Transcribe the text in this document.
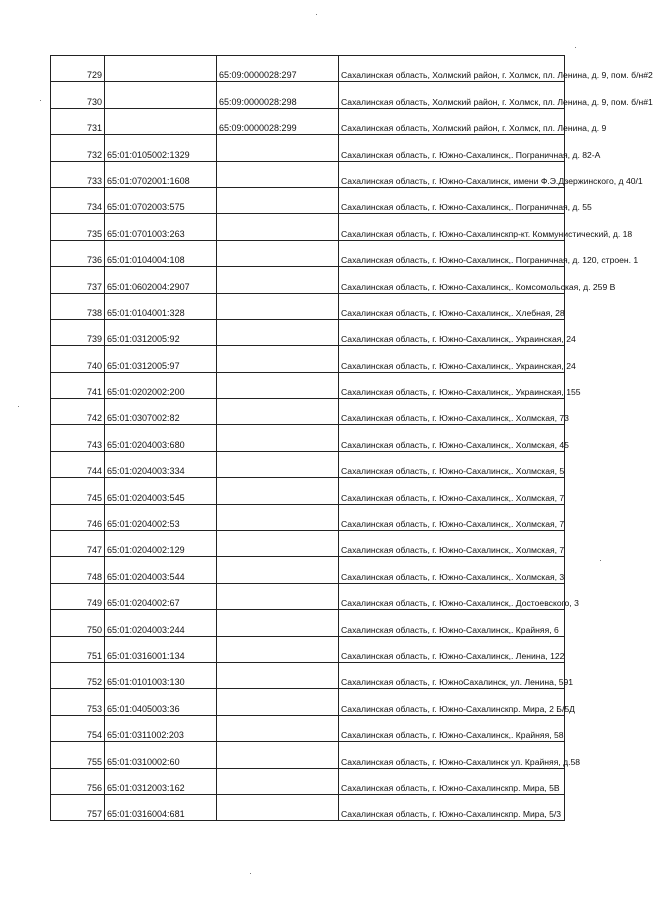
729		65:09:0000028:297	Сахалинская область, Холмский район, г. Холмск, пл. Ленина, д. 9, пом. б/н#2
730		65:09:0000028:298	Сахалинская область, Холмский район, г. Холмск, пл. Ленина, д. 9, пом. б/н#1
731		65:09:0000028:299	Сахалинская область, Холмский район, г. Холмск, пл. Ленина, д. 9
732	65:01:0105002:1329		Сахалинская область, г. Южно-Сахалинск,. Пограничная, д. 82-А
733	65:01:0702001:1608		Сахалинская область, г. Южно-Сахалинск, имени Ф.Э.Дзержинского, д 40/1
734	65:01:0702003:575		Сахалинская область, г. Южно-Сахалинск,. Пограничная, д. 55
735	65:01:0701003:263		Сахалинская область, г. Южно-Сахалинскпр-кт. Коммунистический, д. 18
736	65:01:0104004:108		Сахалинская область, г. Южно-Сахалинск,. Пограничная, д. 120, строен. 1
737	65:01:0602004:2907		Сахалинская область, г. Южно-Сахалинск,. Комсомольская, д. 259 В
738	65:01:0104001:328		Сахалинская область, г. Южно-Сахалинск,. Хлебная, 28
739	65:01:0312005:92		Сахалинская область, г. Южно-Сахалинск,. Украинская, 24
740	65:01:0312005:97		Сахалинская область, г. Южно-Сахалинск,. Украинская, 24
741	65:01:0202002:200		Сахалинская область, г. Южно-Сахалинск,. Украинская, 155
742	65:01:0307002:82		Сахалинская область, г. Южно-Сахалинск,. Холмская, 73
743	65:01:0204003:680		Сахалинская область, г. Южно-Сахалинск,. Холмская, 45
744	65:01:0204003:334		Сахалинская область, г. Южно-Сахалинск,. Холмская, 5
745	65:01:0204003:545		Сахалинская область, г. Южно-Сахалинск,. Холмская, 7
746	65:01:0204002:53		Сахалинская область, г. Южно-Сахалинск,. Холмская, 7
747	65:01:0204002:129		Сахалинская область, г. Южно-Сахалинск,. Холмская, 7
748	65:01:0204003:544		Сахалинская область, г. Южно-Сахалинск,. Холмская, 3
749	65:01:0204002:67		Сахалинская область, г. Южно-Сахалинск,. Достоевского, 3
750	65:01:0204003:244		Сахалинская область, г. Южно-Сахалинск,. Крайняя, 6
751	65:01:0316001:134		Сахалинская область, г. Южно-Сахалинск,. Ленина, 122
752	65:01:0101003:130		Сахалинская область, г. ЮжноСахалинск, ул. Ленина, 591
753	65:01:0405003:36		Сахалинская область, г. Южно-Сахалинскпр. Мира, 2 Б/5Д
754	65:01:0311002:203		Сахалинская область, г. Южно-Сахалинск,. Крайняя, 58
755	65:01:0310002:60		Сахалинская область, г. Южно-Сахалинск ул. Крайняя, д.58
756	65:01:0312003:162		Сахалинская область, г. Южно-Сахалинскпр. Мира, 5В
757	65:01:0316004:681		Сахалинская область, г. Южно-Сахалинскпр. Мира, 5/3
